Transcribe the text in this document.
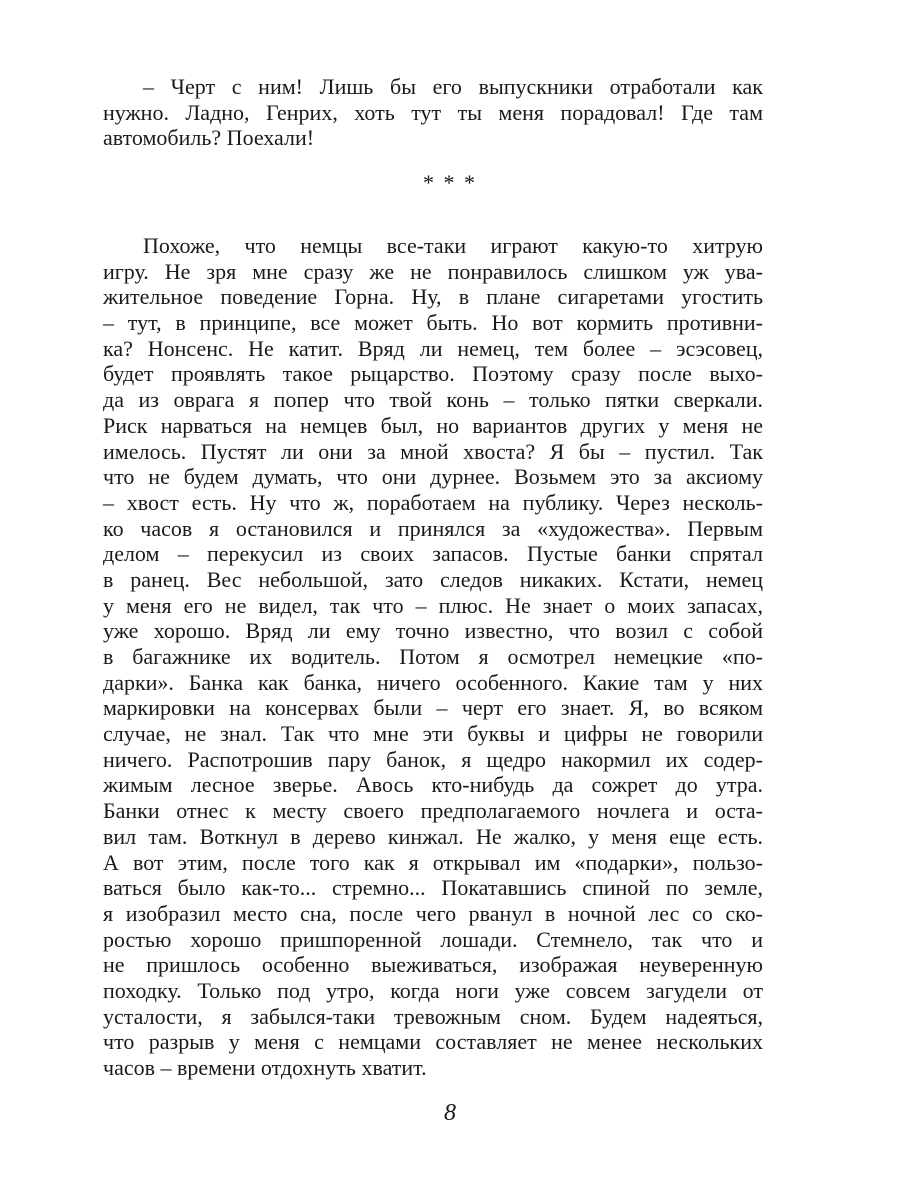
– Черт с ним! Лишь бы его выпускники отработали как
нужно. Ладно, Генрих, хоть тут ты меня порадовал! Где там
автомобиль? Поехали!
* * *
Похоже, что немцы все-таки играют какую-то хитрую
игру. Не зря мне сразу же не понравилось слишком уж ува-
жительное поведение Горна. Ну, в плане сигаретами угостить
– тут, в принципе, все может быть. Но вот кормить противни-
ка? Нонсенс. Не катит. Вряд ли немец, тем более – эсэсовец,
будет проявлять такое рыцарство. Поэтому сразу после выхо-
да из оврага я попер что твой конь – только пятки сверкали.
Риск нарваться на немцев был, но вариантов других у меня не
имелось. Пустят ли они за мной хвоста? Я бы – пустил. Так
что не будем думать, что они дурнее. Возьмем это за аксиому
– хвост есть. Ну что ж, поработаем на публику. Через несколь-
ко часов я остановился и принялся за «художества». Первым
делом – перекусил из своих запасов. Пустые банки спрятал
в ранец. Вес небольшой, зато следов никаких. Кстати, немец
у меня его не видел, так что – плюс. Не знает о моих запасах,
уже хорошо. Вряд ли ему точно известно, что возил с собой
в багажнике их водитель. Потом я осмотрел немецкие «по-
дарки». Банка как банка, ничего особенного. Какие там у них
маркировки на консервах были – черт его знает. Я, во всяком
случае, не знал. Так что мне эти буквы и цифры не говорили
ничего. Распотрошив пару банок, я щедро накормил их содер-
жимым лесное зверье. Авось кто-нибудь да сожрет до утра.
Банки отнес к месту своего предполагаемого ночлега и оста-
вил там. Воткнул в дерево кинжал. Не жалко, у меня еще есть.
А вот этим, после того как я открывал им «подарки», пользо-
ваться было как-то... стремно... Покатавшись спиной по земле,
я изобразил место сна, после чего рванул в ночной лес со ско-
ростью хорошо пришпоренной лошади. Стемнело, так что и
не пришлось особенно выеживаться, изображая неуверенную
походку. Только под утро, когда ноги уже совсем загудели от
усталости, я забылся-таки тревожным сном. Будем надеяться,
что разрыв у меня с немцами составляет не менее нескольких
часов – времени отдохнуть хватит.
8
